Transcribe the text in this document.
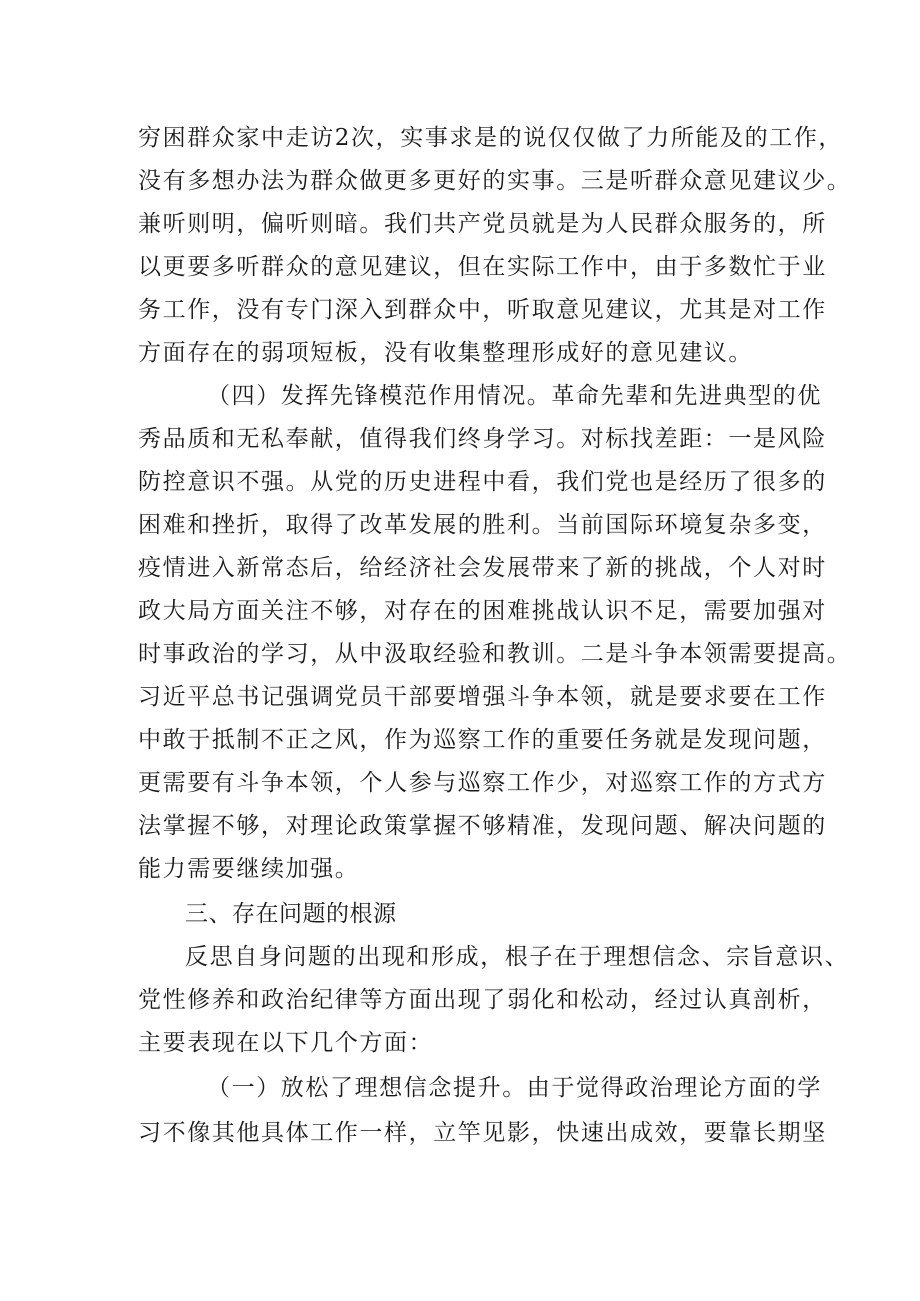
穷困群众家中走访2次，实事求是的说仅仅做了力所能及的工作，
没有多想办法为群众做更多更好的实事。三是听群众意见建议少。
兼听则明，偏听则暗。我们共产党员就是为人民群众服务的，所
以更要多听群众的意见建议，但在实际工作中，由于多数忙于业
务工作，没有专门深入到群众中，听取意见建议，尤其是对工作
方面存在的弱项短板，没有收集整理形成好的意见建议。
（四）发挥先锋模范作用情况。革命先辈和先进典型的优
秀品质和无私奉献，值得我们终身学习。对标找差距：一是风险
防控意识不强。从党的历史进程中看，我们党也是经历了很多的
困难和挫折，取得了改革发展的胜利。当前国际环境复杂多变，
疫情进入新常态后，给经济社会发展带来了新的挑战，个人对时
政大局方面关注不够，对存在的困难挑战认识不足，需要加强对
时事政治的学习，从中汲取经验和教训。二是斗争本领需要提高。
习近平总书记强调党员干部要增强斗争本领，就是要求要在工作
中敢于抵制不正之风，作为巡察工作的重要任务就是发现问题，
更需要有斗争本领，个人参与巡察工作少，对巡察工作的方式方
法掌握不够，对理论政策掌握不够精准，发现问题、解决问题的
能力需要继续加强。
三、存在问题的根源
反思自身问题的出现和形成，根子在于理想信念、宗旨意识、
党性修养和政治纪律等方面出现了弱化和松动，经过认真剖析，
主要表现在以下几个方面：
（一）放松了理想信念提升。由于觉得政治理论方面的学
习不像其他具体工作一样，立竿见影，快速出成效，要靠长期坚
